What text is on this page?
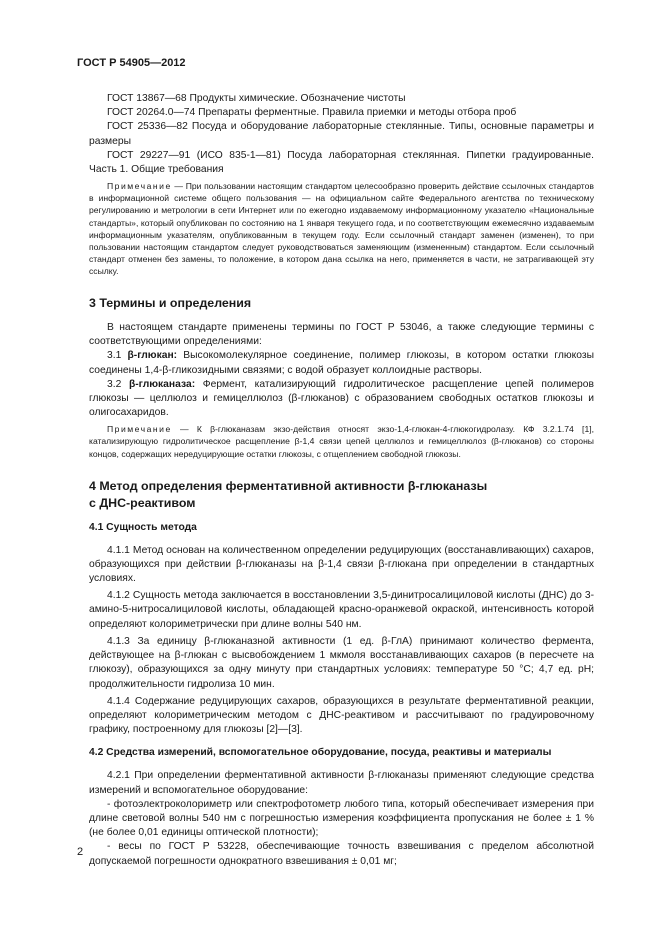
ГОСТ Р 54905—2012

ГОСТ 13867—68 Продукты химические. Обозначение чистоты

ГОСТ 20264.0—74 Препараты ферментные. Правила приемки и методы отбора проб

ГОСТ 25336—82 Посуда и оборудование лабораторные стеклянные. Типы, основные параметры и размеры

ГОСТ 29227—91 (ИСО 835-1—81) Посуда лабораторная стеклянная. Пипетки градуированные. Часть 1. Общие требования

Примечание — При пользовании настоящим стандартом целесообразно проверить действие ссылочных стандартов в информационной системе общего пользования — на официальном сайте Федерального агентства по техническому регулированию и метрологии в сети Интернет или по ежегодно издаваемому информационному указателю «Национальные стандарты», который опубликован по состоянию на 1 января текущего года, и по соответствующим ежемесячно издаваемым информационным указателям, опубликованным в текущем году. Если ссылочный стандарт заменен (изменен), то при пользовании настоящим стандартом следует руководствоваться заменяющим (измененным) стандартом. Если ссылочный стандарт отменен без замены, то положение, в котором дана ссылка на него, применяется в части, не затрагивающей эту ссылку.

3 Термины и определения

В настоящем стандарте применены термины по ГОСТ Р 53046, а также следующие термины с соответствующими определениями:

3.1 β-глюкан: Высокомолекулярное соединение, полимер глюкозы, в котором остатки глюкозы соединены 1,4-β-гликозидными связями; с водой образует коллоидные растворы.

3.2 β-глюканаза: Фермент, катализирующий гидролитическое расщепление цепей полимеров глюкозы — целлюлоз и гемицеллюлоз (β-глюканов) с образованием свободных остатков глюкозы и олигосахаридов.

Примечание — К β-глюканазам экзо-действия относят экзо-1,4-глюкан-4-глюкогидролазу. КФ 3.2.1.74 [1], катализирующую гидролитическое расщепление β-1,4 связи цепей целлюлоз и гемицеллюлоз (β-глюканов) со стороны концов, содержащих нередуцирующие остатки глюкозы, с отщеплением свободной глюкозы.

4 Метод определения ферментативной активности β-глюканазы
с ДНС-реактивом

4.1 Сущность метода

4.1.1 Метод основан на количественном определении редуцирующих (восстанавливающих) сахаров, образующихся при действии β-глюканазы на β-1,4 связи β-глюкана при определении в стандартных условиях.

4.1.2 Сущность метода заключается в восстановлении 3,5-динитросалициловой кислоты (ДНС) до 3-амино-5-нитросалициловой кислоты, обладающей красно-оранжевой окраской, интенсивность которой определяют колориметрически при длине волны 540 нм.

4.1.3 За единицу β-глюканазной активности (1 ед. β-ГлА) принимают количество фермента, действующее на β-глюкан с высвобождением 1 мкмоля восстанавливающих сахаров (в пересчете на глюкозу), образующихся за одну минуту при стандартных условиях: температуре 50 °С; 4,7 ед. рН; продолжительности гидролиза 10 мин.

4.1.4 Содержание редуцирующих сахаров, образующихся в результате ферментативной реакции, определяют колориметрическим методом с ДНС-реактивом и рассчитывают по градуировочному графику, построенному для глюкозы [2]—[3].

4.2 Средства измерений, вспомогательное оборудование, посуда, реактивы и материалы

4.2.1 При определении ферментативной активности β-глюканазы применяют следующие средства измерений и вспомогательное оборудование:

- фотоэлектроколориметр или спектрофотометр любого типа, который обеспечивает измерения при длине световой волны 540 нм с погрешностью измерения коэффициента пропускания не более ± 1 % (не более 0,01 единицы оптической плотности);

- весы по ГОСТ Р 53228, обеспечивающие точность взвешивания с пределом абсолютной допускаемой погрешности однократного взвешивания ± 0,01 мг;

2
